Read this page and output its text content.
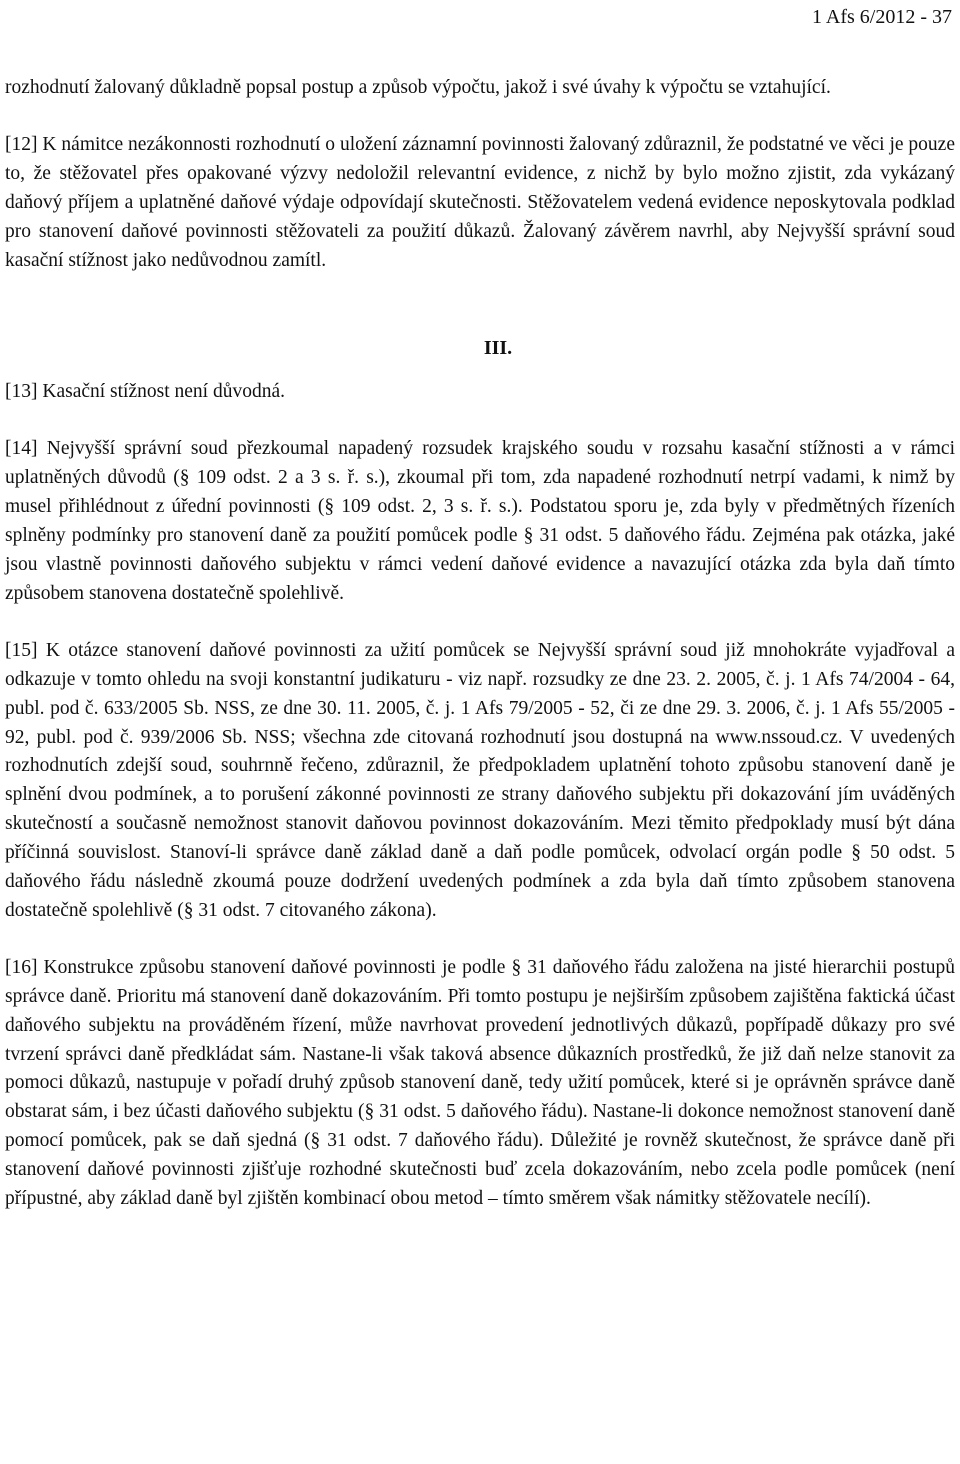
1 Afs 6/2012 - 37

rozhodnutí žalovaný důkladně popsal postup a způsob výpočtu, jakož i své úvahy k výpočtu se vztahující.

[12] K námitce nezákonnosti rozhodnutí o uložení záznamní povinnosti žalovaný zdůraznil, že podstatné ve věci je pouze to, že stěžovatel přes opakované výzvy nedoložil relevantní evidence, z nichž by bylo možno zjistit, zda vykázaný daňový příjem a uplatněné daňové výdaje odpovídají skutečnosti. Stěžovatelem vedená evidence neposkytovala podklad pro stanovení daňové povinnosti stěžovateli za použití důkazů. Žalovaný závěrem navrhl, aby Nejvyšší správní soud kasační stížnost jako nedůvodnou zamítl.

III.

[13] Kasační stížnost není důvodná.

[14] Nejvyšší správní soud přezkoumal napadený rozsudek krajského soudu v rozsahu kasační stížnosti a v rámci uplatněných důvodů (§ 109 odst. 2 a 3 s. ř. s.), zkoumal při tom, zda napadené rozhodnutí netrpí vadami, k nimž by musel přihlédnout z úřední povinnosti (§ 109 odst. 2, 3 s. ř. s.). Podstatou sporu je, zda byly v předmětných řízeních splněny podmínky pro stanovení daně za použití pomůcek podle § 31 odst. 5 daňového řádu. Zejména pak otázka, jaké jsou vlastně povinnosti daňového subjektu v rámci vedení daňové evidence a navazující otázka zda byla daň tímto způsobem stanovena dostatečně spolehlivě.

[15] K otázce stanovení daňové povinnosti za užití pomůcek se Nejvyšší správní soud již mnohokráte vyjadřoval a odkazuje v tomto ohledu na svoji konstantní judikaturu - viz např. rozsudky ze dne 23. 2. 2005, č. j. 1 Afs 74/2004 - 64, publ. pod č. 633/2005 Sb. NSS, ze dne 30. 11. 2005, č. j. 1 Afs 79/2005 - 52, či ze dne 29. 3. 2006, č. j. 1 Afs 55/2005 - 92, publ. pod č. 939/2006 Sb. NSS; všechna zde citovaná rozhodnutí jsou dostupná na www.nssoud.cz. V uvedených rozhodnutích zdejší soud, souhrnně řečeno, zdůraznil, že předpokladem uplatnění tohoto způsobu stanovení daně je splnění dvou podmínek, a to porušení zákonné povinnosti ze strany daňového subjektu při dokazování jím uváděných skutečností a současně nemožnost stanovit daňovou povinnost dokazováním. Mezi těmito předpoklady musí být dána příčinná souvislost. Stanoví-li správce daně základ daně a daň podle pomůcek, odvolací orgán podle § 50 odst. 5 daňového řádu následně zkoumá pouze dodržení uvedených podmínek a zda byla daň tímto způsobem stanovena dostatečně spolehlivě (§ 31 odst. 7 citovaného zákona).

[16] Konstrukce způsobu stanovení daňové povinnosti je podle § 31 daňového řádu založena na jisté hierarchii postupů správce daně. Prioritu má stanovení daně dokazováním. Při tomto postupu je nejširším způsobem zajištěna faktická účast daňového subjektu na prováděném řízení, může navrhovat provedení jednotlivých důkazů, popřípadě důkazy pro své tvrzení správci daně předkládat sám. Nastane-li však taková absence důkazních prostředků, že již daň nelze stanovit za pomoci důkazů, nastupuje v pořadí druhý způsob stanovení daně, tedy užití pomůcek, které si je oprávněn správce daně obstarat sám, i bez účasti daňového subjektu (§ 31 odst. 5 daňového řádu). Nastane-li dokonce nemožnost stanovení daně pomocí pomůcek, pak se daň sjedná (§ 31 odst. 7 daňového řádu). Důležité je rovněž skutečnost, že správce daně při stanovení daňové povinnosti zjišťuje rozhodné skutečnosti buď zcela dokazováním, nebo zcela podle pomůcek (není přípustné, aby základ daně byl zjištěn kombinací obou metod – tímto směrem však námitky stěžovatele necílí).
